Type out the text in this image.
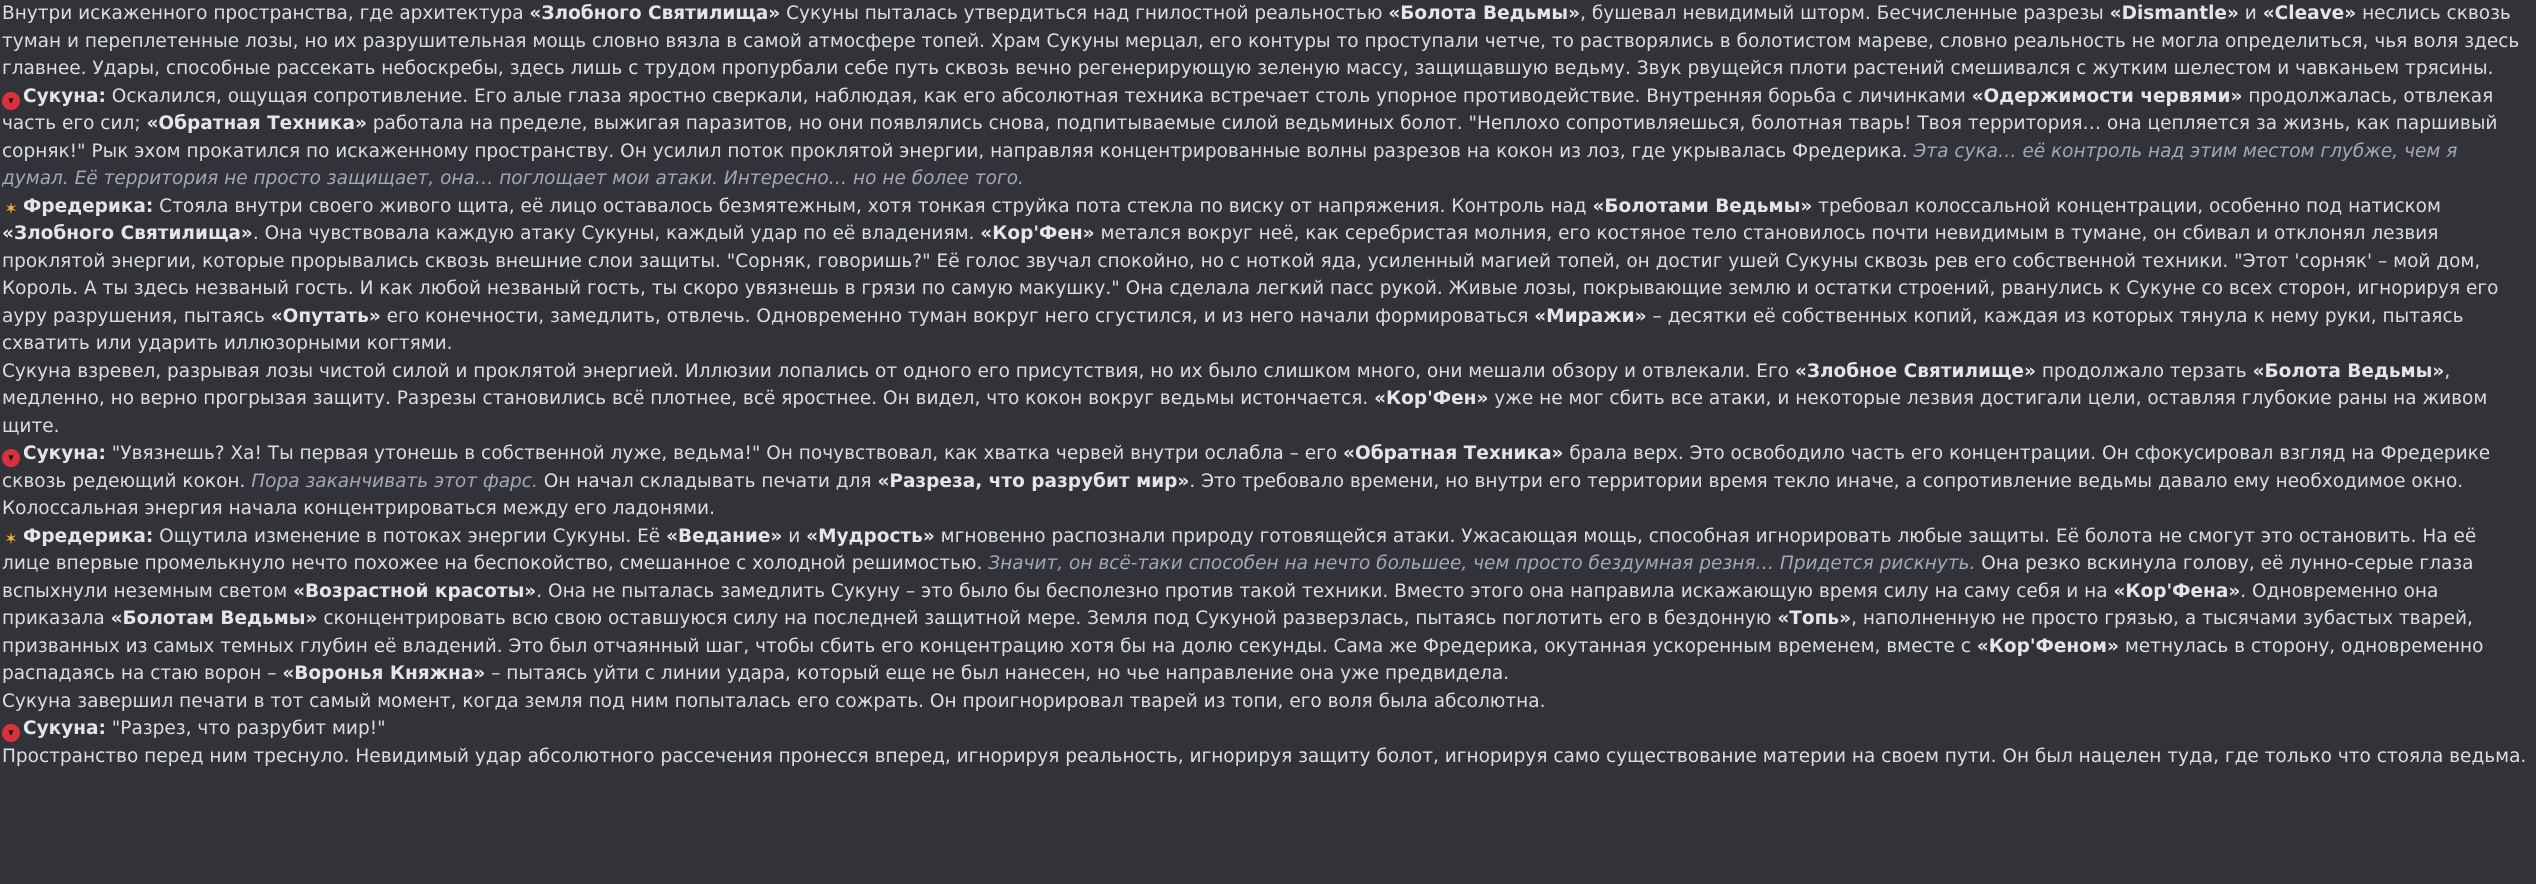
Внутри искаженного пространства, где архитектура «Злобного Святилища» Сукуны пыталась утвердиться над гнилостной реальностью «Болота Ведьмы», бушевал невидимый шторм. Бесчисленные разрезы «Dismantle» и «Cleave» неслись сквозь туман и переплетенные лозы, но их разрушительная мощь словно вязла в самой атмосфере топей. Храм Сукуны мерцал, его контуры то проступали четче, то растворялись в болотистом мареве, словно реальность не могла определиться, чья воля здесь главнее. Удары, способные рассекать небоскребы, здесь лишь с трудом пропурбали себе путь сквозь вечно регенерирующую зеленую массу, защищавшую ведьму. Звук рвущейся плоти растений смешивался с жутким шелестом и чавканьем трясины.

▾ Сукуна: Оскалился, ощущая сопротивление. Его алые глаза яростно сверкали, наблюдая, как его абсолютная техника встречает столь упорное противодействие. Внутренняя борьба с личинками «Одержимости червями» продолжалась, отвлекая часть его сил; «Обратная Техника» работала на пределе, выжигая паразитов, но они появлялись снова, подпитываемые силой ведьминых болот. "Неплохо сопротивляешься, болотная тварь! Твоя территория… она цепляется за жизнь, как паршивый сорняк!" Рык эхом прокатился по искаженному пространству. Он усилил поток проклятой энергии, направляя концентрированные волны разрезов на кокон из лоз, где укрывалась Фредерика. Эта сука… её контроль над этим местом глубже, чем я думал. Её территория не просто защищает, она… поглощает мои атаки. Интересно… но не более того.

✶ Фредерика: Стояла внутри своего живого щита, её лицо оставалось безмятежным, хотя тонкая струйка пота стекла по виску от напряжения. Контроль над «Болотами Ведьмы» требовал колоссальной концентрации, особенно под натиском «Злобного Святилища». Она чувствовала каждую атаку Сукуны, каждый удар по её владениям. «Кор'Фен» метался вокруг неё, как серебристая молния, его костяное тело становилось почти невидимым в тумане, он сбивал и отклонял лезвия проклятой энергии, которые прорывались сквозь внешние слои защиты. "Сорняк, говоришь?" Её голос звучал спокойно, но с ноткой яда, усиленный магией топей, он достиг ушей Сукуны сквозь рев его собственной техники. "Этот 'сорняк' – мой дом, Король. А ты здесь незваный гость. И как любой незваный гость, ты скоро увязнешь в грязи по самую макушку." Она сделала легкий пасс рукой. Живые лозы, покрывающие землю и остатки строений, рванулись к Сукуне со всех сторон, игнорируя его ауру разрушения, пытаясь «Опутать» его конечности, замедлить, отвлечь. Одновременно туман вокруг него сгустился, и из него начали формироваться «Миражи» – десятки её собственных копий, каждая из которых тянула к нему руки, пытаясь схватить или ударить иллюзорными когтями.

Сукуна взревел, разрывая лозы чистой силой и проклятой энергией. Иллюзии лопались от одного его присутствия, но их было слишком много, они мешали обзору и отвлекали. Его «Злобное Святилище» продолжало терзать «Болота Ведьмы», медленно, но верно прогрызая защиту. Разрезы становились всё плотнее, всё яростнее. Он видел, что кокон вокруг ведьмы истончается. «Кор'Фен» уже не мог сбить все атаки, и некоторые лезвия достигали цели, оставляя глубокие раны на живом щите.

▾ Сукуна: "Увязнешь? Ха! Ты первая утонешь в собственной луже, ведьма!" Он почувствовал, как хватка червей внутри ослабла – его «Обратная Техника» брала верх. Это освободило часть его концентрации. Он сфокусировал взгляд на Фредерике сквозь редеющий кокон. Пора заканчивать этот фарс. Он начал складывать печати для «Разреза, что разрубит мир». Это требовало времени, но внутри его территории время текло иначе, а сопротивление ведьмы давало ему необходимое окно. Колоссальная энергия начала концентрироваться между его ладонями.

✶ Фредерика: Ощутила изменение в потоках энергии Сукуны. Её «Ведание» и «Мудрость» мгновенно распознали природу готовящейся атаки. Ужасающая мощь, способная игнорировать любые защиты. Её болота не смогут это остановить. На её лице впервые промелькнуло нечто похожее на беспокойство, смешанное с холодной решимостью. Значит, он всё-таки способен на нечто большее, чем просто бездумная резня… Придется рискнуть. Она резко вскинула голову, её лунно-серые глаза вспыхнули неземным светом «Возрастной красоты». Она не пыталась замедлить Сукуну – это было бы бесполезно против такой техники. Вместо этого она направила искажающую время силу на саму себя и на «Кор'Фена». Одновременно она приказала «Болотам Ведьмы» сконцентрировать всю свою оставшуюся силу на последней защитной мере. Земля под Сукуной разверзлась, пытаясь поглотить его в бездонную «Топь», наполненную не просто грязью, а тысячами зубастых тварей, призванных из самых темных глубин её владений. Это был отчаянный шаг, чтобы сбить его концентрацию хотя бы на долю секунды. Сама же Фредерика, окутанная ускоренным временем, вместе с «Кор'Феном» метнулась в сторону, одновременно распадаясь на стаю ворон – «Воронья Княжна» – пытаясь уйти с линии удара, который еще не был нанесен, но чье направление она уже предвидела.

Сукуна завершил печати в тот самый момент, когда земля под ним попыталась его сожрать. Он проигнорировал тварей из топи, его воля была абсолютна.

▾ Сукуна: "Разрез, что разрубит мир!"

Пространство перед ним треснуло. Невидимый удар абсолютного рассечения пронесся вперед, игнорируя реальность, игнорируя защиту болот, игнорируя само существование материи на своем пути. Он был нацелен туда, где только что стояла ведьма.
